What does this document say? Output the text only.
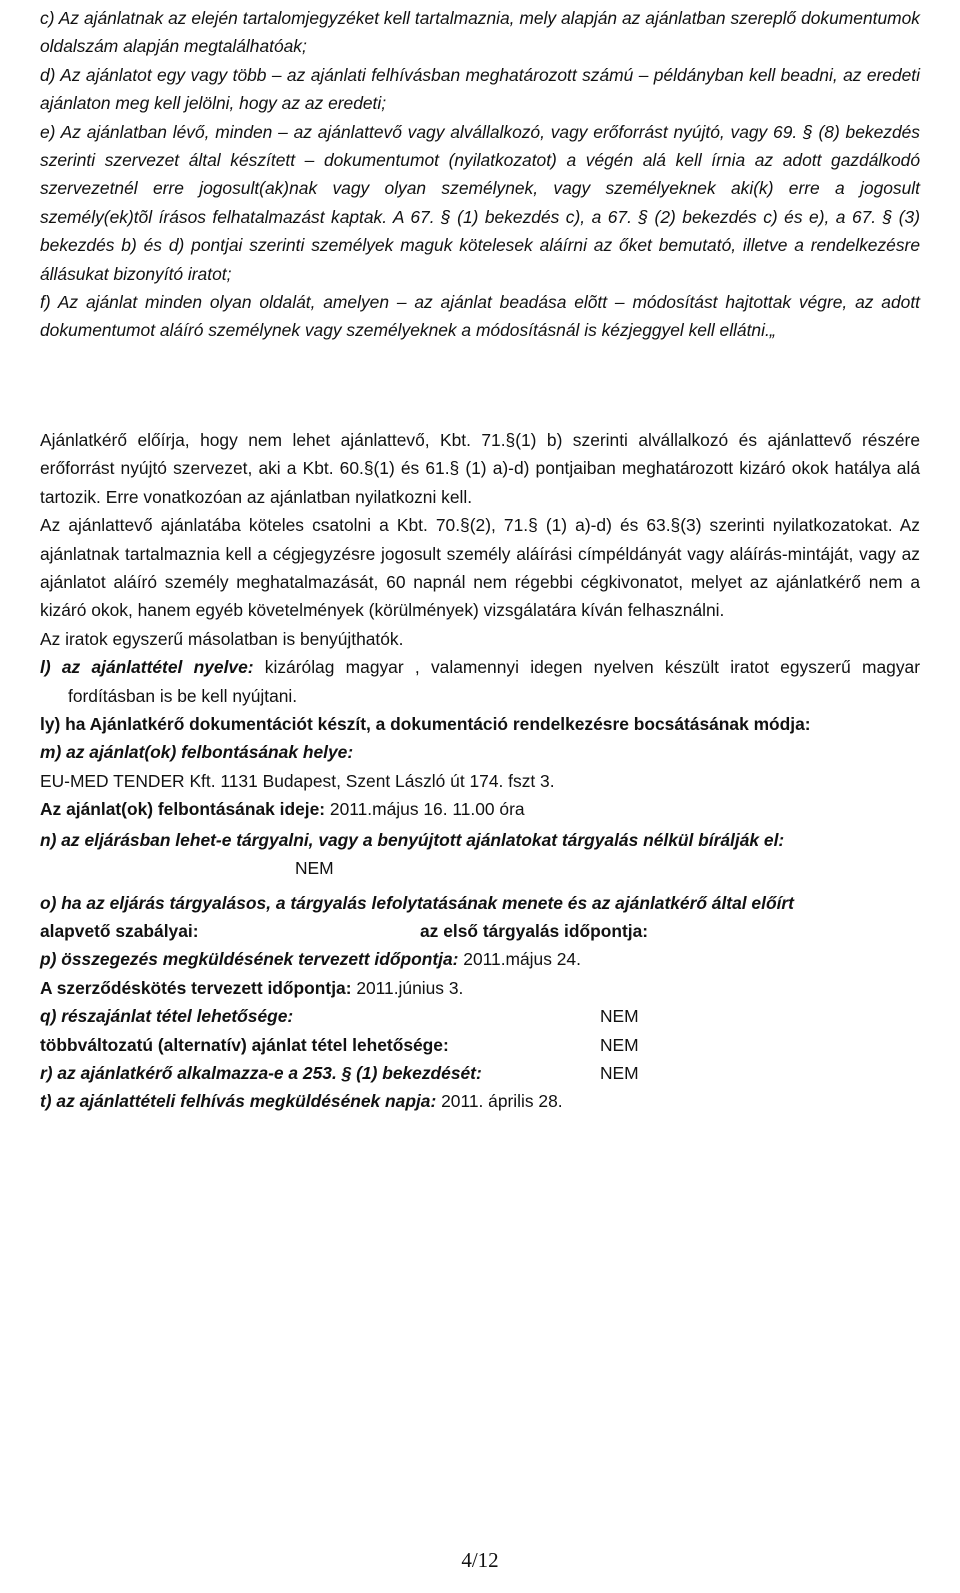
c) Az ajánlatnak az elején tartalomjegyzéket kell tartalmaznia, mely alapján az ajánlatban szereplő dokumentumok oldalszám alapján megtalálhatóak;

d) Az ajánlatot egy vagy több – az ajánlati felhívásban meghatározott számú – példányban kell beadni, az eredeti ajánlaton meg kell jelölni, hogy az az eredeti;

e) Az ajánlatban lévő, minden – az ajánlattevő vagy alvállalkozó, vagy erőforrást nyújtó, vagy 69. § (8) bekezdés szerinti szervezet által készített – dokumentumot (nyilatkozatot) a végén alá kell írnia az adott gazdálkodó szervezetnél erre jogosult(ak)nak vagy olyan személynek, vagy személyeknek aki(k) erre a jogosult személy(ek)tõl írásos felhatalmazást kaptak. A 67. § (1) bekezdés c), a 67. § (2) bekezdés c) és e), a 67. § (3) bekezdés b) és d) pontjai szerinti személyek maguk kötelesek aláírni az őket bemutató, illetve a rendelkezésre állásukat bizonyító iratot;

f) Az ajánlat minden olyan oldalát, amelyen – az ajánlat beadása elõtt – módosítást hajtottak végre, az adott dokumentumot aláíró személynek vagy személyeknek a módosításnál is kézjeggyel kell ellátni.„

Ajánlatkérő előírja, hogy nem lehet ajánlattevő, Kbt. 71.§(1) b) szerinti alvállalkozó és ajánlattevő részére erőforrást nyújtó szervezet, aki a Kbt. 60.§(1) és 61.§ (1) a)-d) pontjaiban meghatározott kizáró okok hatálya alá tartozik. Erre vonatkozóan az ajánlatban nyilatkozni kell.

Az ajánlattevő ajánlatába köteles csatolni a Kbt. 70.§(2), 71.§ (1) a)-d) és 63.§(3) szerinti nyilatkozatokat. Az ajánlatnak tartalmaznia kell a cégjegyzésre jogosult személy aláírási címpéldányát vagy aláírás-mintáját, vagy az ajánlatot aláíró személy meghatalmazását, 60 napnál nem régebbi cégkivonatot, melyet az ajánlatkérő nem a kizáró okok, hanem egyéb követelmények (körülmények) vizsgálatára kíván felhasználni.

Az iratok egyszerű másolatban is benyújthatók.

l) az ajánlattétel nyelve: kizárólag magyar , valamennyi idegen nyelven készült iratot egyszerű magyar fordításban is be kell nyújtani.

ly) ha Ajánlatkérő dokumentációt készít, a dokumentáció rendelkezésre bocsátásának módja:

m) az ajánlat(ok) felbontásának helye:

EU-MED TENDER Kft. 1131 Budapest, Szent László út 174. fszt 3.

Az ajánlat(ok) felbontásának ideje: 2011.május 16. 11.00 óra

n) az eljárásban lehet-e tárgyalni, vagy a benyújtott ajánlatokat tárgyalás nélkül bírálják el:

NEM

o) ha az eljárás tárgyalásos, a tárgyalás lefolytatásának menete és az ajánlatkérő által előírt

alapvető szabályai:	az első tárgyalás időpontja:

p) összegezés megküldésének tervezett időpontja: 2011.május 24.

A szerződéskötés tervezett időpontja: 2011.június 3.

q) részajánlat tétel lehetősége:	NEM

többváltozatú (alternatív) ajánlat tétel lehetősége:	NEM

r) az ajánlatkérő alkalmazza-e a 253. § (1) bekezdését:	NEM

t) az ajánlattételi felhívás megküldésének napja: 2011. április 28.

4/12
